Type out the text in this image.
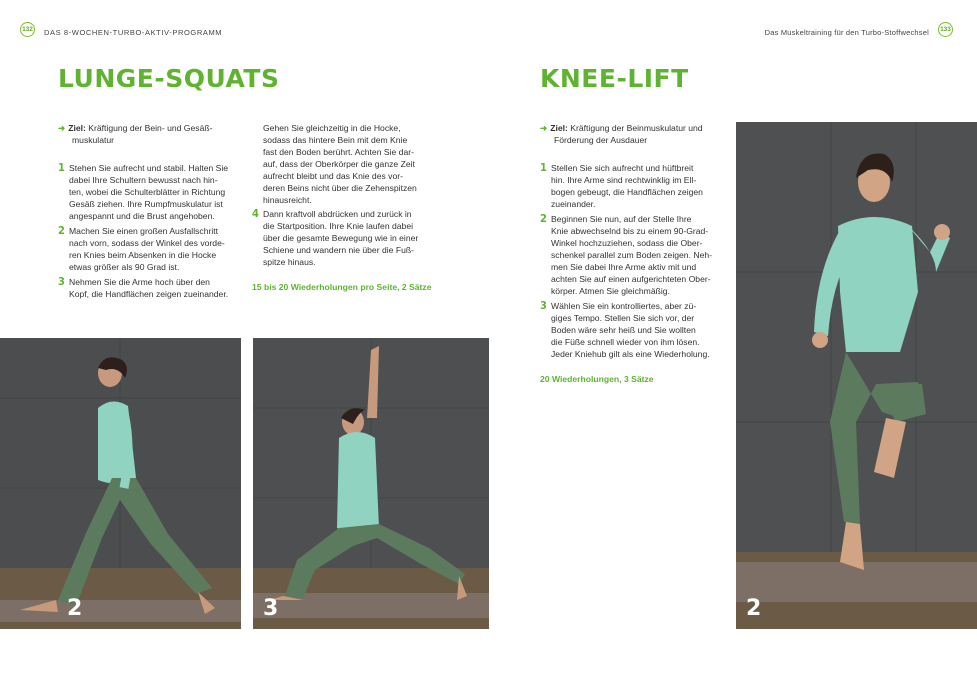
132 DAS 8-WOCHEN-TURBO-AKTIV-PROGRAMM	Das Muskeltraining für den Turbo-Stoffwechsel 133
LUNGE-SQUATS
➜ Ziel: Kräftigung der Bein- und Gesäß-
muskulatur
1 Stehen Sie aufrecht und stabil. Halten Sie
dabei Ihre Schultern bewusst nach hin-
ten, wobei die Schulterblätter in Richtung
Gesäß ziehen. Ihre Rumpfmuskulatur ist
angespannt und die Brust angehoben.
2 Machen Sie einen großen Ausfallschritt
nach vorn, sodass der Winkel des vorde-
ren Knies beim Absenken in die Hocke
etwas größer als 90 Grad ist.
3 Nehmen Sie die Arme hoch über den
Kopf, die Handflächen zeigen zueinander.
Gehen Sie gleichzeitig in die Hocke,
sodass das hintere Bein mit dem Knie
fast den Boden berührt. Achten Sie dar-
auf, dass der Oberkörper die ganze Zeit
aufrecht bleibt und das Knie des vor-
deren Beins nicht über die Zehenspitzen
hinausreicht.
4 Dann kraftvoll abdrücken und zurück in
die Startposition. Ihre Knie laufen dabei
über die gesamte Bewegung wie in einer
Schiene und wandern nie über die Fuß-
spitze hinaus.
15 bis 20 Wiederholungen pro Seite, 2 Sätze
2	3
KNEE-LIFT
➜ Ziel: Kräftigung der Beinmuskulatur und
Förderung der Ausdauer
1 Stellen Sie sich aufrecht und hüftbreit
hin. Ihre Arme sind rechtwinklig im Ell-
bogen gebeugt, die Handflächen zeigen
zueinander.
2 Beginnen Sie nun, auf der Stelle Ihre
Knie abwechselnd bis zu einem 90-Grad-
Winkel hochzuziehen, sodass die Ober-
schenkel parallel zum Boden zeigen. Neh-
men Sie dabei Ihre Arme aktiv mit und
achten Sie auf einen aufgerichteten Ober-
körper. Atmen Sie gleichmäßig.
3 Wählen Sie ein kontrolliertes, aber zü-
giges Tempo. Stellen Sie sich vor, der
Boden wäre sehr heiß und Sie wollten
die Füße schnell wieder von ihm lösen.
Jeder Kniehub gilt als eine Wiederholung.
20 Wiederholungen, 3 Sätze
2
